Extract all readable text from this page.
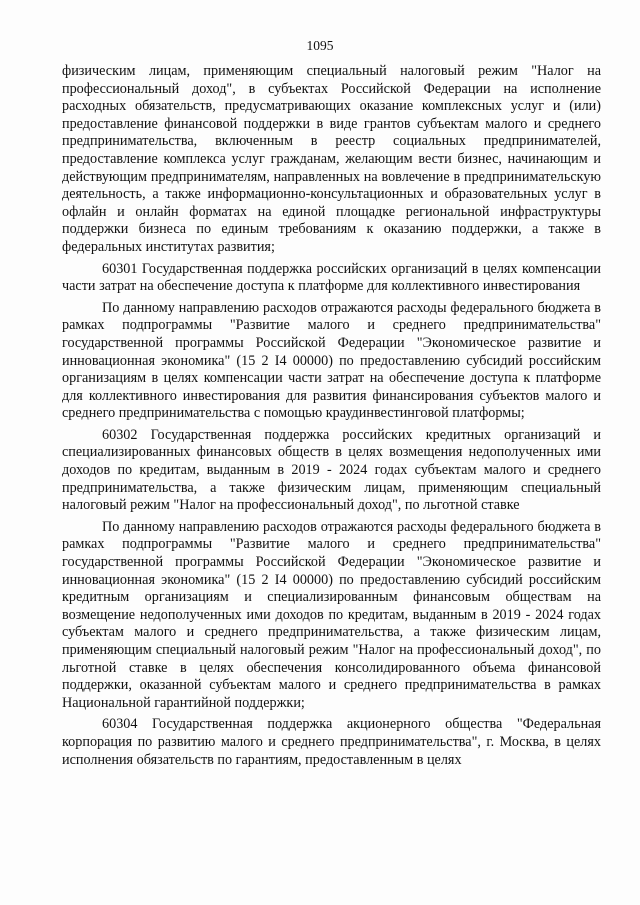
1095

физическим лицам, применяющим специальный налоговый режим "Налог на профессиональный доход", в субъектах Российской Федерации на исполнение расходных обязательств, предусматривающих оказание комплексных услуг и (или) предоставление финансовой поддержки в виде грантов субъектам малого и среднего предпринимательства, включенным в реестр социальных предпринимателей, предоставление комплекса услуг гражданам, желающим вести бизнес, начинающим и действующим предпринимателям, направленных на вовлечение в предпринимательскую деятельность, а также информационно-консультационных и образовательных услуг в офлайн и онлайн форматах на единой площадке региональной инфраструктуры поддержки бизнеса по единым требованиям к оказанию поддержки, а также в федеральных институтах развития;

60301 Государственная поддержка российских организаций в целях компенсации части затрат на обеспечение доступа к платформе для коллективного инвестирования

По данному направлению расходов отражаются расходы федерального бюджета в рамках подпрограммы "Развитие малого и среднего предпринимательства" государственной программы Российской Федерации "Экономическое развитие и инновационная экономика" (15 2 I4 00000) по предоставлению субсидий российским организациям в целях компенсации части затрат на обеспечение доступа к платформе для коллективного инвестирования для развития финансирования субъектов малого и среднего предпринимательства с помощью краудинвестинговой платформы;

60302 Государственная поддержка российских кредитных организаций и специализированных финансовых обществ в целях возмещения недополученных ими доходов по кредитам, выданным в 2019 - 2024 годах субъектам малого и среднего предпринимательства, а также физическим лицам, применяющим специальный налоговый режим "Налог на профессиональный доход", по льготной ставке

По данному направлению расходов отражаются расходы федерального бюджета в рамках подпрограммы "Развитие малого и среднего предпринимательства" государственной программы Российской Федерации "Экономическое развитие и инновационная экономика" (15 2 I4 00000) по предоставлению субсидий российским кредитным организациям и специализированным финансовым обществам на возмещение недополученных ими доходов по кредитам, выданным в 2019 - 2024 годах субъектам малого и среднего предпринимательства, а также физическим лицам, применяющим специальный налоговый режим "Налог на профессиональный доход", по льготной ставке в целях обеспечения консолидированного объема финансовой поддержки, оказанной субъектам малого и среднего предпринимательства в рамках Национальной гарантийной поддержки;

60304 Государственная поддержка акционерного общества "Федеральная корпорация по развитию малого и среднего предпринимательства", г. Москва, в целях исполнения обязательств по гарантиям, предоставленным в целях
